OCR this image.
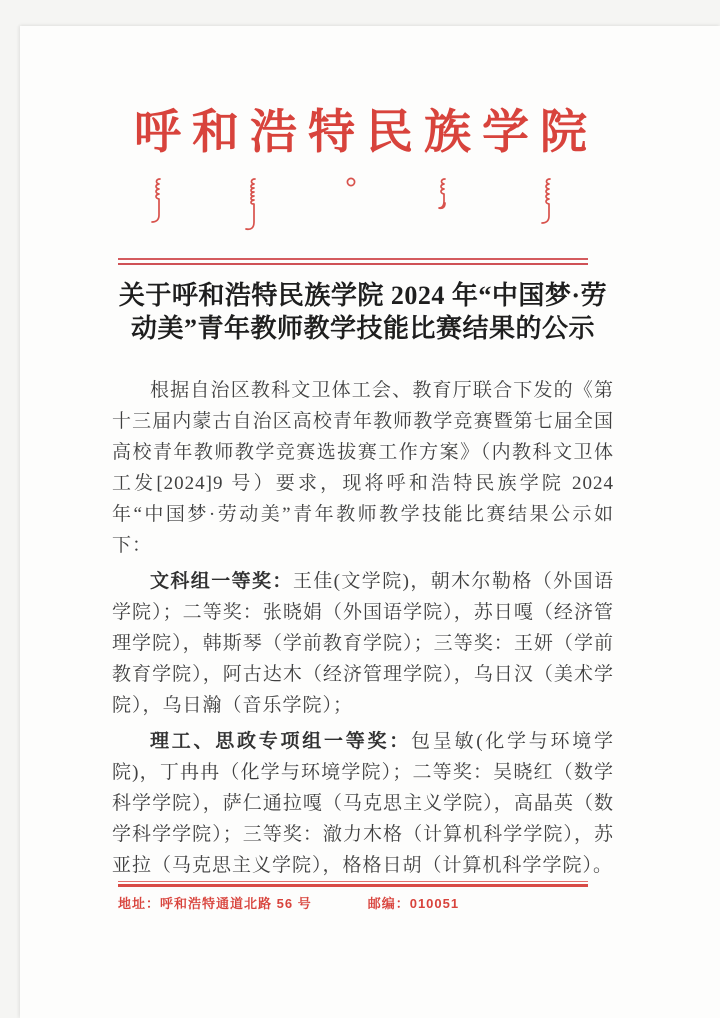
呼和浩特民族学院
关于呼和浩特民族学院 2024 年“中国梦·劳
动美”青年教师教学技能比赛结果的公示

根据自治区教科文卫体工会、教育厅联合下发的《第十三届内蒙古自治区高校青年教师教学竞赛暨第七届全国高校青年教师教学竞赛选拔赛工作方案》（内教科文卫体工发[2024]9 号）要求，现将呼和浩特民族学院 2024 年“中国梦·劳动美”青年教师教学技能比赛结果公示如下：

文科组一等奖：王佳(文学院)，朝木尔勒格（外国语学院）；二等奖：张晓娟（外国语学院），苏日嘎（经济管理学院），韩斯琴（学前教育学院）；三等奖：王妍（学前教育学院），阿古达木（经济管理学院），乌日汉（美术学院），乌日瀚（音乐学院）；

理工、思政专项组一等奖：包呈敏(化学与环境学院)，丁冉冉（化学与环境学院）；二等奖：吴晓红（数学科学学院），萨仁通拉嘎（马克思主义学院），高晶英（数学科学学院）；三等奖：澈力木格（计算机科学学院），苏亚拉（马克思主义学院），格格日胡（计算机科学学院）。

地址： 呼和浩特通道北路 56 号	邮编： 010051
